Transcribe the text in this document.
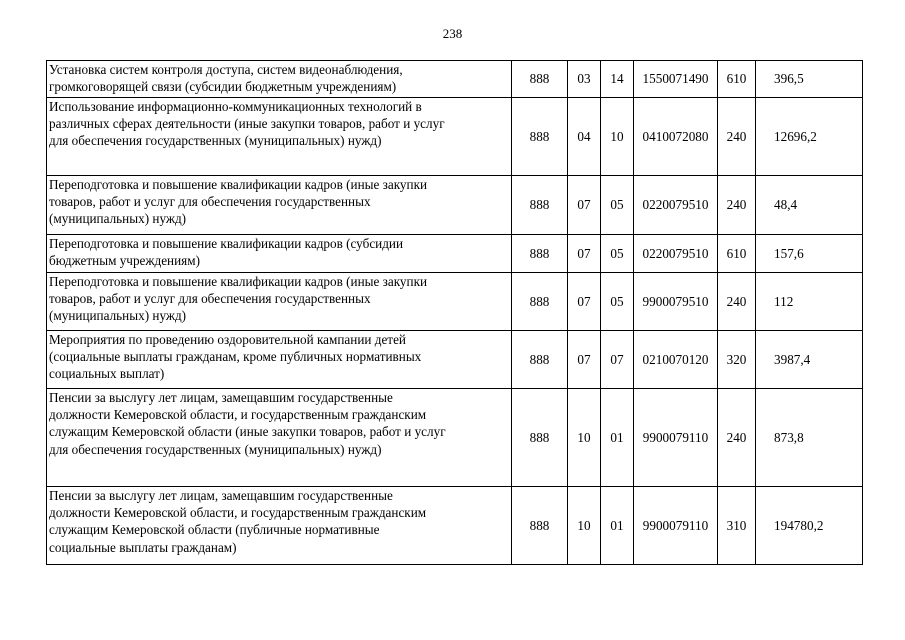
238
Установка систем контроля доступа, систем видеонаблюдения,
громкоговорящей связи (субсидии бюджетным учреждениям)	888	03	14	1550071490	610	396,5

Использование информационно-коммуникационных технологий в
различных сферах деятельности (иные закупки товаров, работ и услуг
для обеспечения государственных (муниципальных) нужд)	888	04	10	0410072080	240	12696,2

Переподготовка и повышение квалификации кадров (иные закупки
товаров, работ и услуг для обеспечения государственных
(муниципальных) нужд)	888	07	05	0220079510	240	48,4

Переподготовка и повышение квалификации кадров (субсидии
бюджетным учреждениям)	888	07	05	0220079510	610	157,6

Переподготовка и повышение квалификации кадров (иные закупки
товаров, работ и услуг для обеспечения государственных
(муниципальных) нужд)	888	07	05	9900079510	240	112

Мероприятия по проведению оздоровительной кампании детей
(социальные выплаты гражданам, кроме публичных нормативных
социальных выплат)	888	07	07	0210070120	320	3987,4

Пенсии за выслугу лет лицам, замещавшим государственные
должности Кемеровской области, и государственным гражданским
служащим Кемеровской области (иные закупки товаров, работ и услуг
для обеспечения государственных (муниципальных) нужд)	888	10	01	9900079110	240	873,8

Пенсии за выслугу лет лицам, замещавшим государственные
должности Кемеровской области, и государственным гражданским
служащим Кемеровской области (публичные нормативные
социальные выплаты гражданам)	888	10	01	9900079110	310	194780,2
